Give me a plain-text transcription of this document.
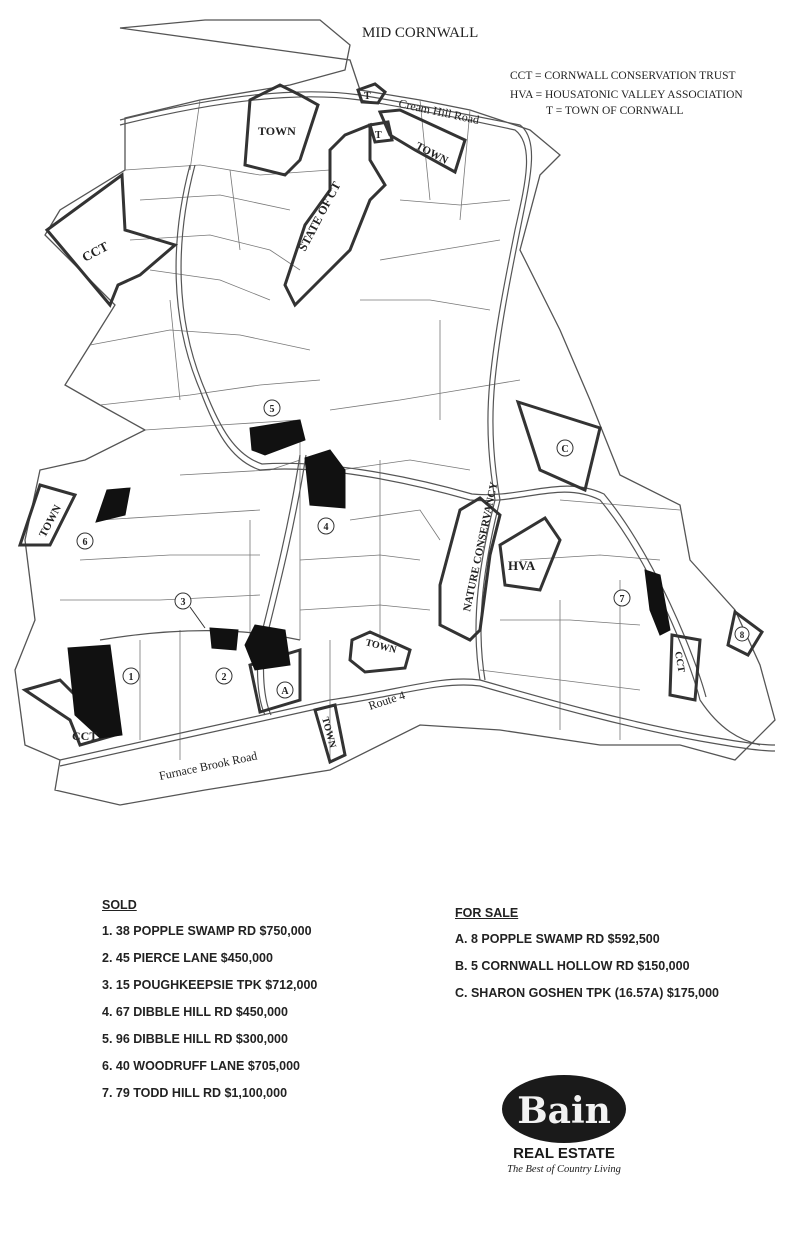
MID CORNWALL
CCT = CORNWALL CONSERVATION TRUST
HVA = HOUSATONIC VALLEY ASSOCIATION
T = TOWN OF CORNWALL
TOWN
TOWN
T
T
STATE OF CT
CCT
TOWN	NATURE CONSERVANCY HVA
TOWN
TOWN
CCT
CCT
Cream Hill Road
Route 4
Furnace Brook Road
1	2
3
4
5
6
7
8
A
C
SOLD
1. 38 POPPLE SWAMP RD $750,000
2. 45 PIERCE LANE $450,000
3. 15 POUGHKEEPSIE TPK $712,000
4. 67 DIBBLE HILL RD $450,000
5. 96 DIBBLE HILL RD $300,000
6. 40 WOODRUFF LANE $705,000
7. 79 TODD HILL RD $1,100,000
FOR SALE
A. 8 POPPLE SWAMP RD $592,500
B. 5 CORNWALL HOLLOW RD $150,000
C. SHARON GOSHEN TPK (16.57A) $175,000
Bain
REAL ESTATE
The Best of Country Living
